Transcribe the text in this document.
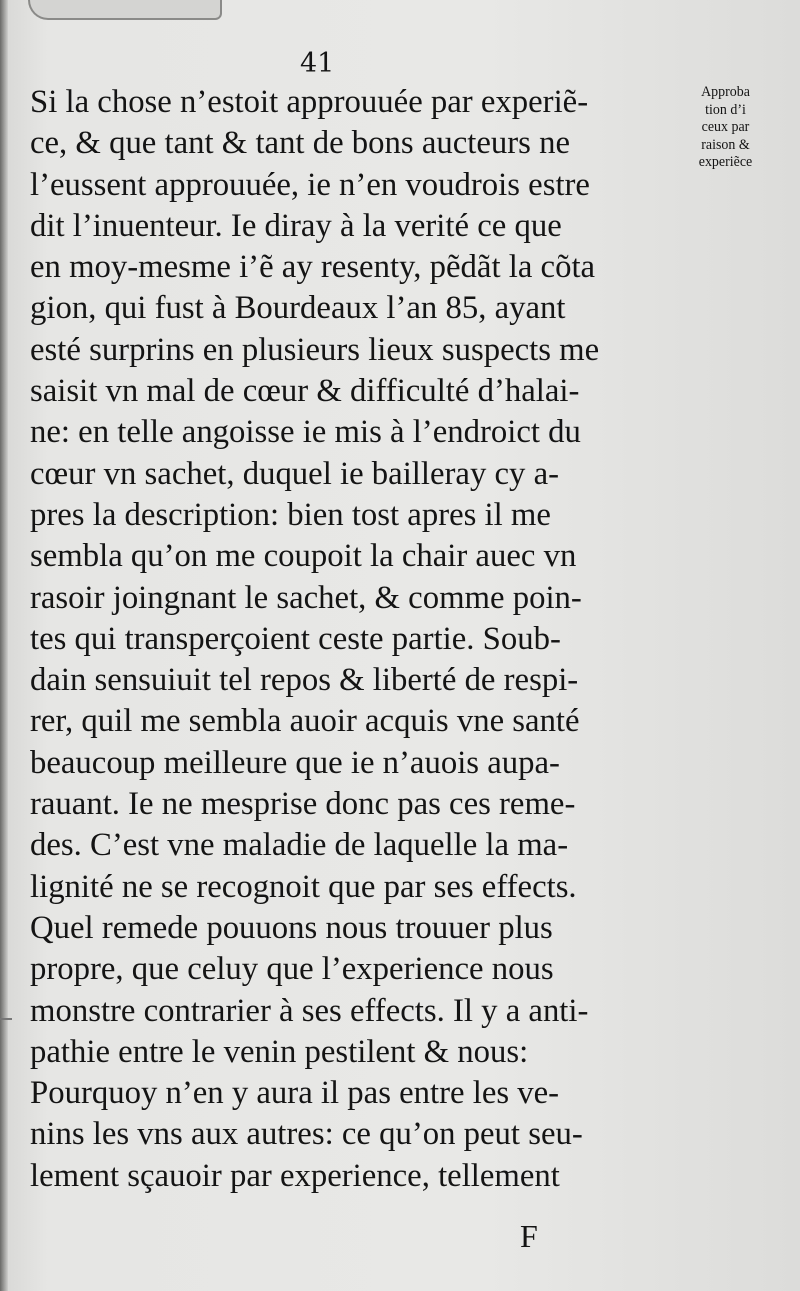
41
Si la chose n’estoit approuuée par experiẽ-
ce, & que tant & tant de bons aucteurs ne
l’eussent approuuée, ie n’en voudrois estre
dit l’inuenteur. Ie diray à la verité ce que
en moy-mesme i’ẽ ay resenty, pẽdãt la cõta
gion, qui fust à Bourdeaux l’an 85, ayant
esté surprins en plusieurs lieux suspects me
saisit vn mal de cœur & difficulté d’halai-
ne: en telle angoisse ie mis à l’endroict du
cœur vn sachet, duquel ie bailleray cy a-
pres la description: bien tost apres il me
sembla qu’on me coupoit la chair auec vn
rasoir joingnant le sachet, & comme poin-
tes qui transperçoient ceste partie. Soub-
dain sensuiuit tel repos & liberté de respi-
rer, quil me sembla auoir acquis vne santé
beaucoup meilleure que ie n’auois aupa-
rauant. Ie ne mesprise donc pas ces reme-
des. C’est vne maladie de laquelle la ma-
lignité ne se recognoit que par ses effects.
Quel remede pouuons nous trouuer plus
propre, que celuy que l’experience nous
monstre contrarier à ses effects. Il y a anti-
pathie entre le venin pestilent & nous:
Pourquoy n’en y aura il pas entre les ve-
nins les vns aux autres: ce qu’on peut seu-
lement sçauoir par experience, tellement
Approba
tion d’i
ceux par
raison &
experiẽce
F
